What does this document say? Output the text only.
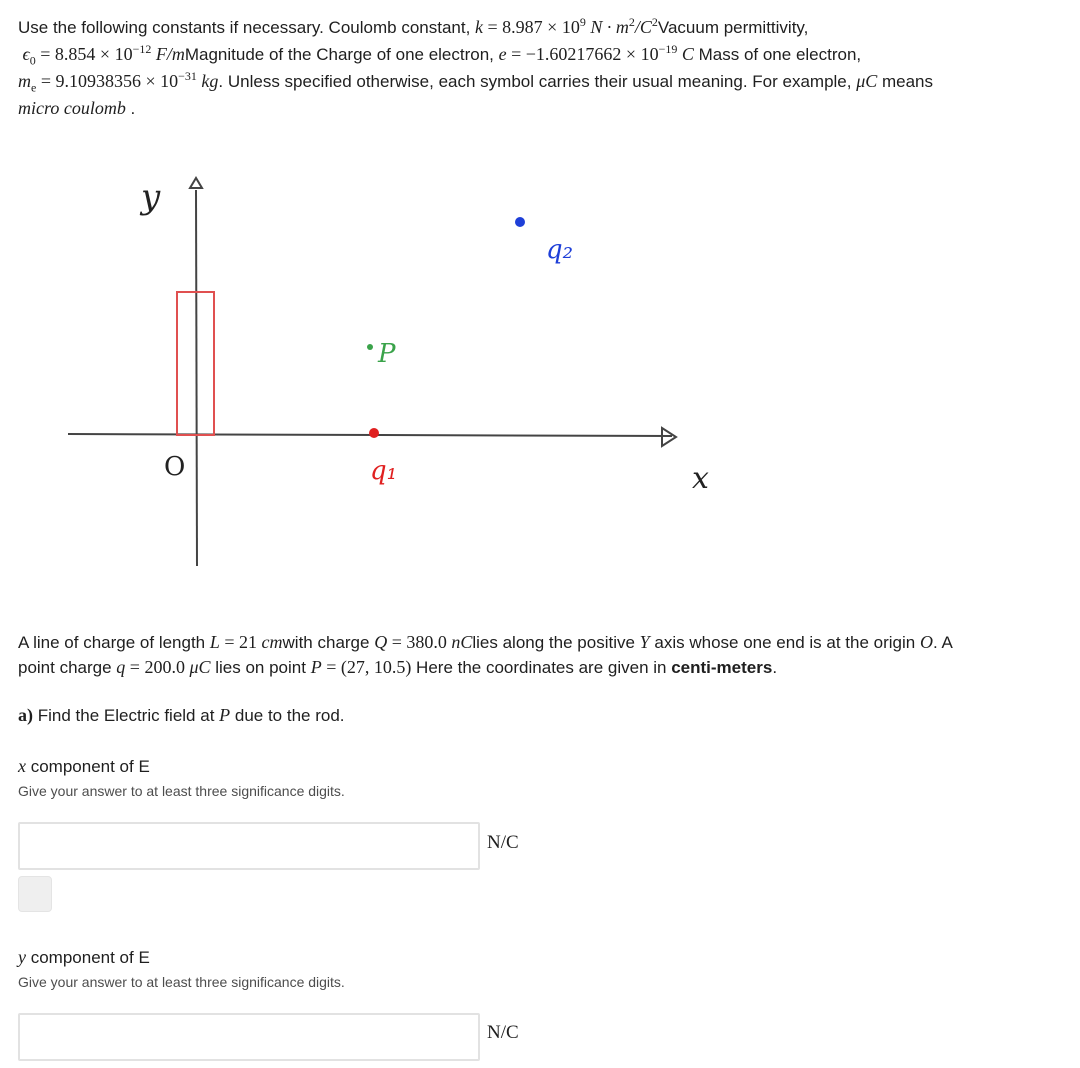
Use the following constants if necessary. Coulomb constant, $k = 8.987 \times 10^9$ $N \cdot m^2/C^2Vacuum$ permittivity,
$\epsilon_0 = 8.854 \times 10^{-12}$ F/mMagnitude of the Charge of one electron, $e = -1.60217662 \times 10^{-19}$ C Mass of one electron,
$m_e = 9.10938356 \times 10^{-31}$ kg. Unless specified otherwise, each symbol carries their usual meaning. For example, μC means
micro coulomb .
y
x
O
P
q₁
q₂
A line of charge of length L = 21 cmwith charge Q = 380.0 nClies along the positive Y axis whose one end is at the origin O. A
point charge q = 200.0 μC lies on point P = (27, 10.5) Here the coordinates are given in centi-meters.
a) Find the Electric field at P due to the rod.
x component of E
Give your answer to at least three significance digits.
N/C
y component of E
Give your answer to at least three significance digits.
N/C
